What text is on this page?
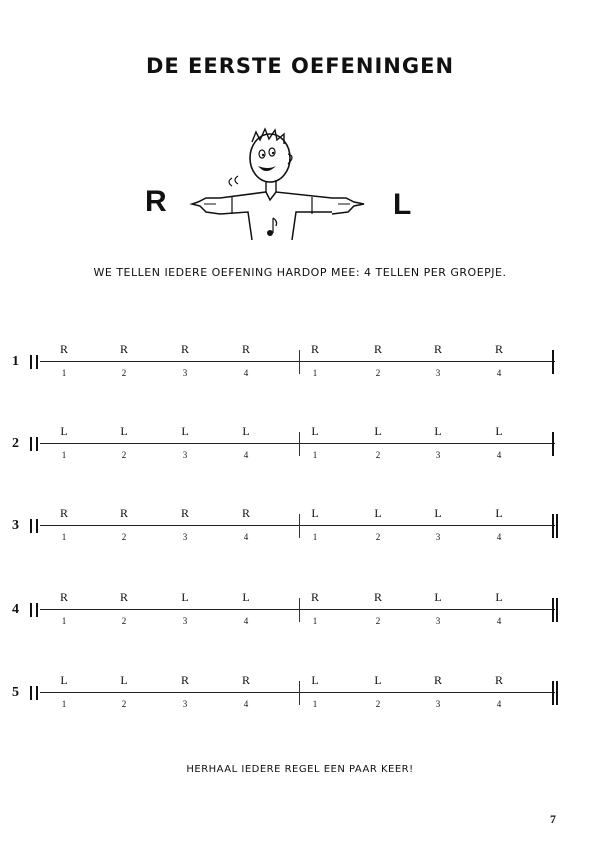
DE EERSTE OEFENINGEN
R	L
WE TELLEN IEDERE OEFENING HARDOP MEE: 4 TELLEN PER GROEPJE.
1
R	R	R	R	R	R	R	R
1	2	3	4	1	2	3	4
2
L	L	L	L	L	L	L	L
1	2	3	4	1	2	3	4
3
R	R	R	R	L	L	L	L
1	2	3	4	1	2	3	4
4
R	R	L	L	R	R	L	L
1	2	3	4	1	2	3	4
5
L	L	R	R	L	L	R	R
1	2	3	4	1	2	3	4
HERHAAL IEDERE REGEL EEN PAAR KEER!
7
